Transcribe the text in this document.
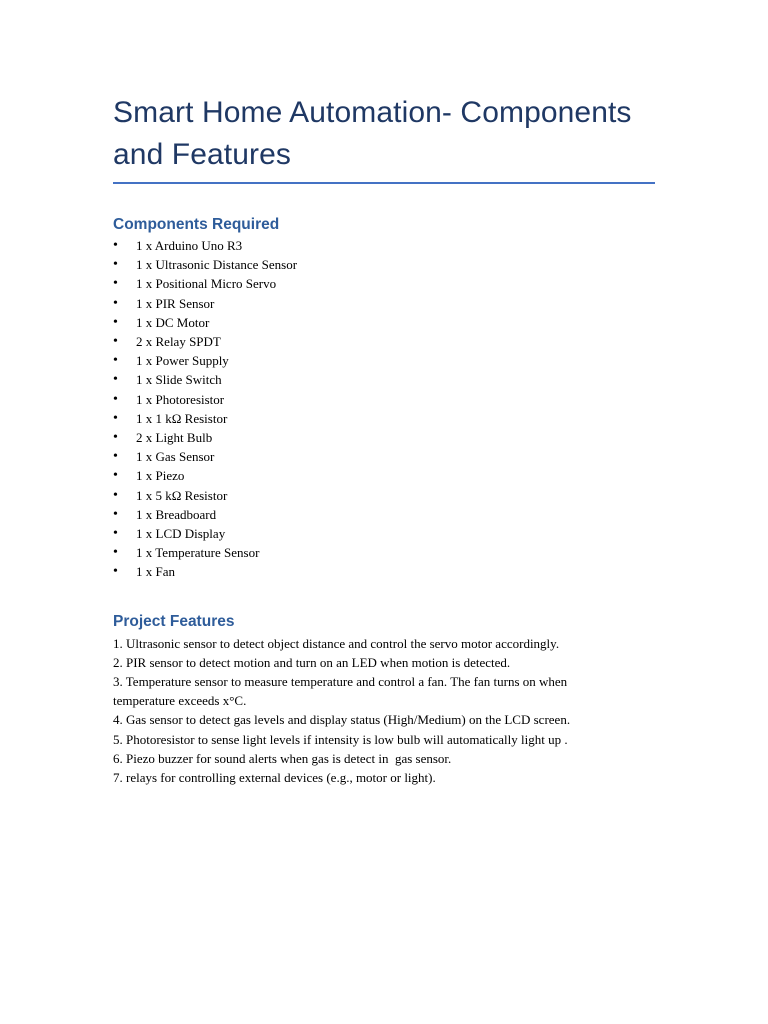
Smart Home Automation- Components and Features
Components Required
• 1 x Arduino Uno R3
• 1 x Ultrasonic Distance Sensor
• 1 x Positional Micro Servo
• 1 x PIR Sensor
• 1 x DC Motor
• 2 x Relay SPDT
• 1 x Power Supply
• 1 x Slide Switch
• 1 x Photoresistor
• 1 x 1 kΩ Resistor
• 2 x Light Bulb
• 1 x Gas Sensor
• 1 x Piezo
• 1 x 5 kΩ Resistor
• 1 x Breadboard
• 1 x LCD Display
• 1 x Temperature Sensor
• 1 x Fan
Project Features
1. Ultrasonic sensor to detect object distance and control the servo motor accordingly.
2. PIR sensor to detect motion and turn on an LED when motion is detected.
3. Temperature sensor to measure temperature and control a fan. The fan turns on when
temperature exceeds x°C.
4. Gas sensor to detect gas levels and display status (High/Medium) on the LCD screen.
5. Photoresistor to sense light levels if intensity is low bulb will automatically light up .
6. Piezo buzzer for sound alerts when gas is detect in  gas sensor.
7. relays for controlling external devices (e.g., motor or light).
